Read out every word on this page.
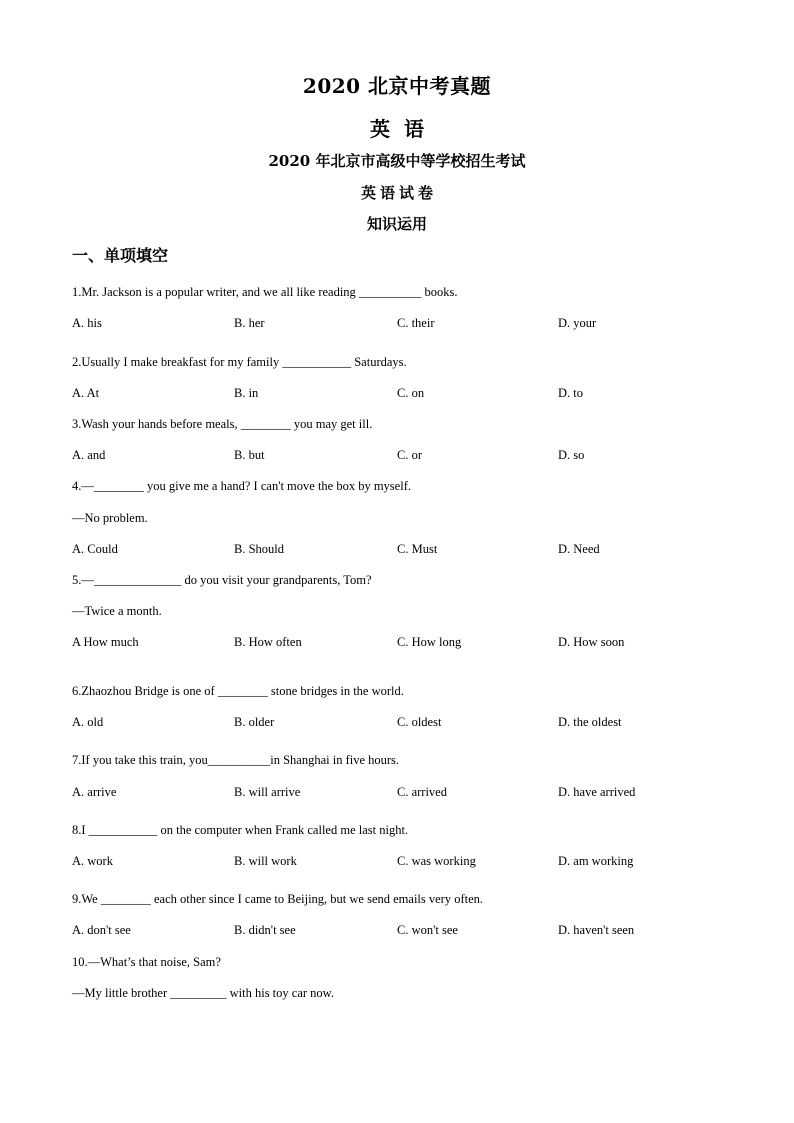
2020 北京中考真题
英语
2020 年北京市高级中等学校招生考试
英语试卷
知识运用
一、单项填空
1.Mr. Jackson is a popular writer, and we all like reading __________ books.
A. his	B. her	C. their	D. your
2.Usually I make breakfast for my family ___________ Saturdays.
A. At	B. in	C. on	D. to
3.Wash your hands before meals, ________ you may get ill.
A. and	B. but	C. or	D. so
4.—________ you give me a hand? I can't move the box by myself.
—No problem.
A. Could	B. Should	C. Must	D. Need
5.—______________ do you visit your grandparents, Tom?
—Twice a month.
A How much	B. How often	C. How long	D. How soon
6.Zhaozhou Bridge is one of ________ stone bridges in the world.
A. old	B. older	C. oldest	D. the oldest
7.If you take this train, you__________in Shanghai in five hours.
A. arrive	B. will arrive	C. arrived	D. have arrived
8.I ___________ on the computer when Frank called me last night.
A. work	B. will work	C. was working	D. am working
9.We ________ each other since I came to Beijing, but we send emails very often.
A. don't see	B. didn't see	C. won't see	D. haven't seen
10.—What’s that noise, Sam?
—My little brother _________ with his toy car now.
